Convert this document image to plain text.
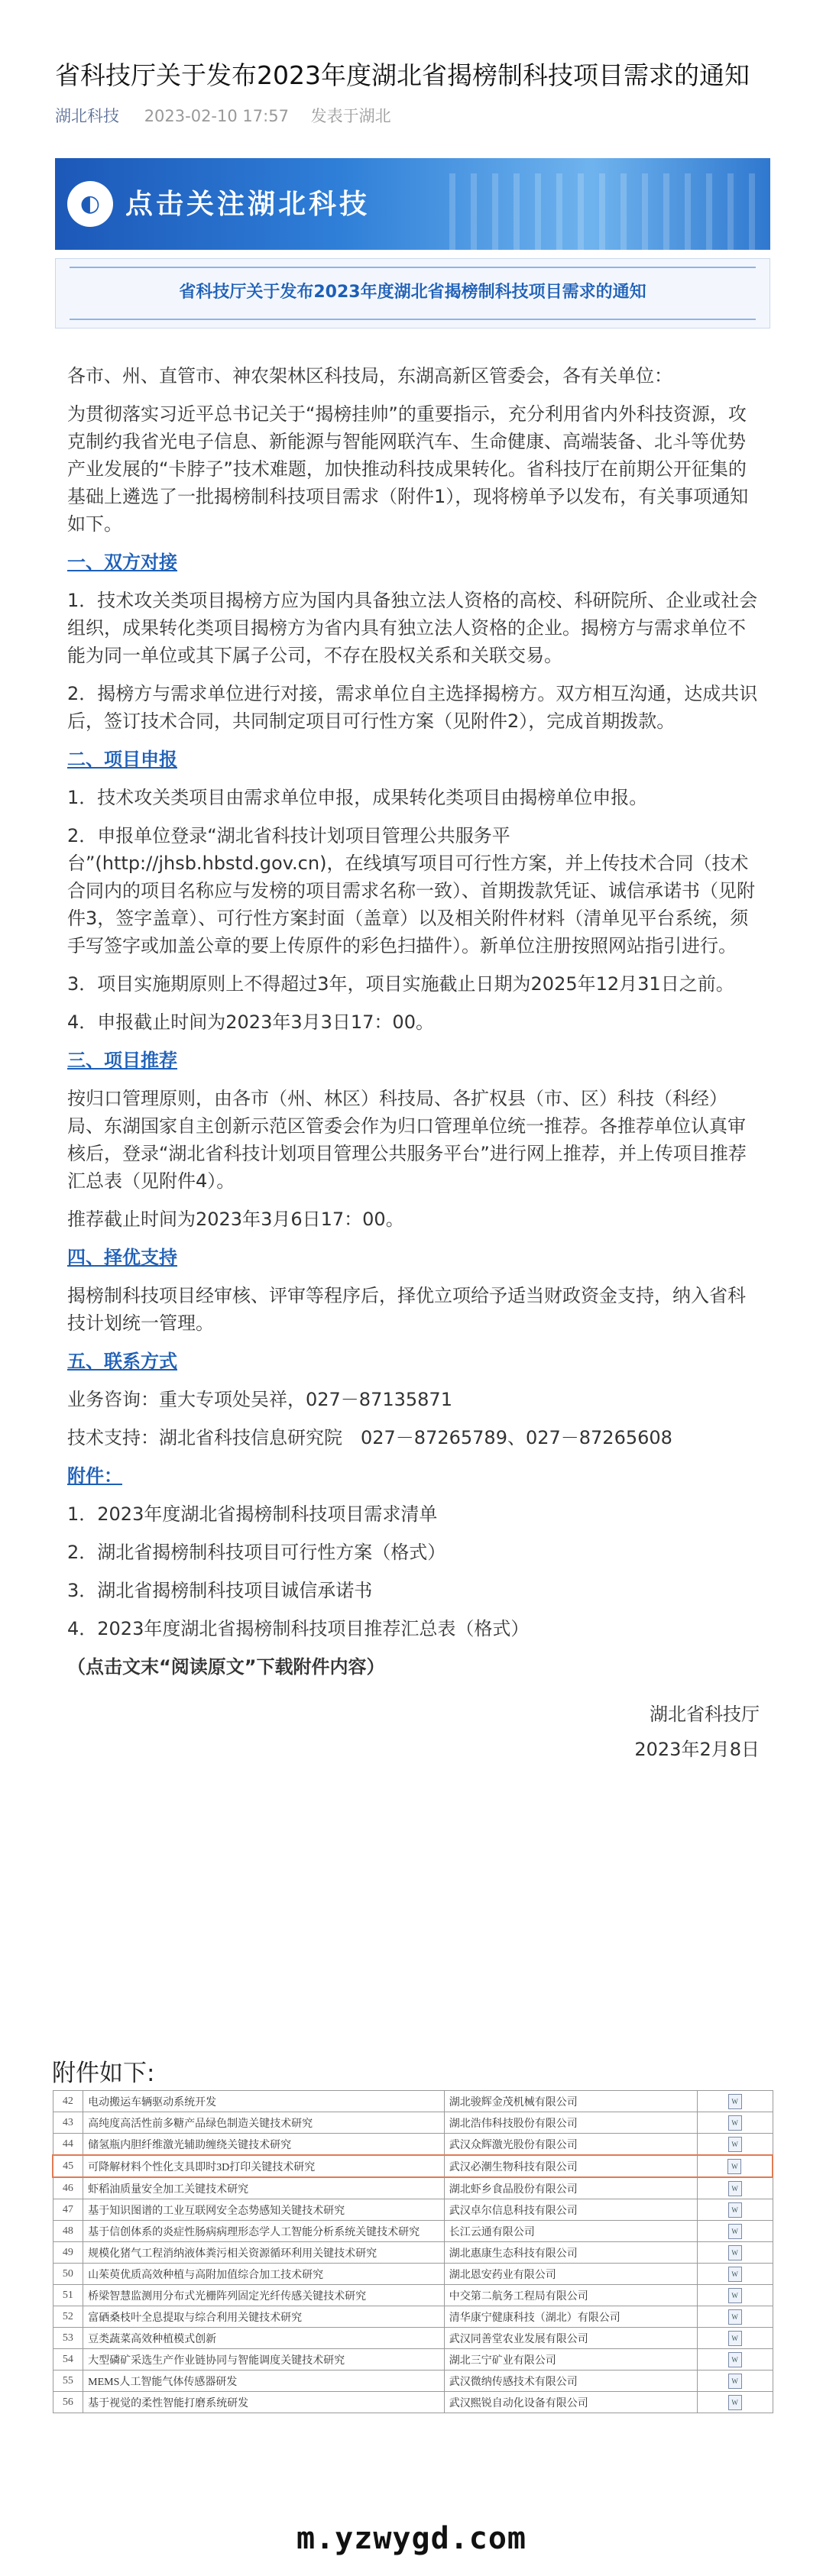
省科技厅关于发布2023年度湖北省揭榜制科技项目需求的通知
湖北科技 2023-02-10 17:57 发表于湖北
◐ 点击关注湖北科技
省科技厅关于发布2023年度湖北省揭榜制科技项目需求的通知

各市、州、直管市、神农架林区科技局，东湖高新区管委会，各有关单位：

为贯彻落实习近平总书记关于“揭榜挂帅”的重要指示，充分利用省内外科技资源，攻克制约我省光电子信息、新能源与智能网联汽车、生命健康、高端装备、北斗等优势产业发展的“卡脖子”技术难题，加快推动科技成果转化。省科技厅在前期公开征集的基础上遴选了一批揭榜制科技项目需求（附件1），现将榜单予以发布，有关事项通知如下。

一、双方对接

1．技术攻关类项目揭榜方应为国内具备独立法人资格的高校、科研院所、企业或社会组织，成果转化类项目揭榜方为省内具有独立法人资格的企业。揭榜方与需求单位不能为同一单位或其下属子公司，不存在股权关系和关联交易。

2．揭榜方与需求单位进行对接，需求单位自主选择揭榜方。双方相互沟通，达成共识后，签订技术合同，共同制定项目可行性方案（见附件2），完成首期拨款。

二、项目申报

1．技术攻关类项目由需求单位申报，成果转化类项目由揭榜单位申报。

2．申报单位登录“湖北省科技计划项目管理公共服务平台”(http://jhsb.hbstd.gov.cn)，在线填写项目可行性方案，并上传技术合同（技术合同内的项目名称应与发榜的项目需求名称一致）、首期拨款凭证、诚信承诺书（见附件3，签字盖章）、可行性方案封面（盖章）以及相关附件材料（清单见平台系统，须手写签字或加盖公章的要上传原件的彩色扫描件）。新单位注册按照网站指引进行。

3．项目实施期原则上不得超过3年，项目实施截止日期为2025年12月31日之前。

4．申报截止时间为2023年3月3日17：00。

三、项目推荐

按归口管理原则，由各市（州、林区）科技局、各扩权县（市、区）科技（科经）局、东湖国家自主创新示范区管委会作为归口管理单位统一推荐。各推荐单位认真审核后，登录“湖北省科技计划项目管理公共服务平台”进行网上推荐，并上传项目推荐汇总表（见附件4）。

推荐截止时间为2023年3月6日17：00。

四、择优支持

揭榜制科技项目经审核、评审等程序后，择优立项给予适当财政资金支持，纳入省科技计划统一管理。

五、联系方式

业务咨询：重大专项处吴祥，027－87135871

技术支持：湖北省科技信息研究院　027－87265789、027－87265608

附件：

1．2023年度湖北省揭榜制科技项目需求清单

2．湖北省揭榜制科技项目可行性方案（格式）

3．湖北省揭榜制科技项目诚信承诺书

4．2023年度湖北省揭榜制科技项目推荐汇总表（格式）

（点击文末“阅读原文”下载附件内容）

湖北省科技厅

2023年2月8日

附件如下:
42	电动搬运车辆驱动系统开发	湖北骏辉金茂机械有限公司	W
43	高纯度高活性前多糖产品绿色制造关键技术研究	湖北浩伟科技股份有限公司	W
44	储氢瓶内胆纤维激光辅助缠绕关键技术研究	武汉众辉激光股份有限公司	W
45	可降解材料个性化支具即时3D打印关键技术研究	武汉必潮生物科技有限公司	W
46	虾稻油质量安全加工关键技术研究	湖北虾乡食品股份有限公司	W
47	基于知识图谱的工业互联网安全态势感知关键技术研究	武汉卓尔信息科技有限公司	W
48	基于信创体系的炎症性肠病病理形态学人工智能分析系统关键技术研究	长江云通有限公司	W
49	规模化猪气工程消纳液体粪污相关资源循环利用关键技术研究	湖北惠康生态科技有限公司	W
50	山茱萸优质高效种植与高附加值综合加工技术研究	湖北恩安药业有限公司	W
51	桥梁智慧监测用分布式光栅阵列固定光纤传感关键技术研究	中交第二航务工程局有限公司	W
52	富硒桑枝叶全息提取与综合利用关键技术研究	清华康宁健康科技（湖北）有限公司	W
53	豆类蔬菜高效种植模式创新	武汉同善堂农业发展有限公司	W
54	大型磷矿采选生产作业链协同与智能调度关键技术研究	湖北三宁矿业有限公司	W
55	MEMS人工智能气体传感器研发	武汉微纳传感技术有限公司	W
56	基于视觉的柔性智能打磨系统研发	武汉熙锐自动化设备有限公司	W
m.yzwygd.com
